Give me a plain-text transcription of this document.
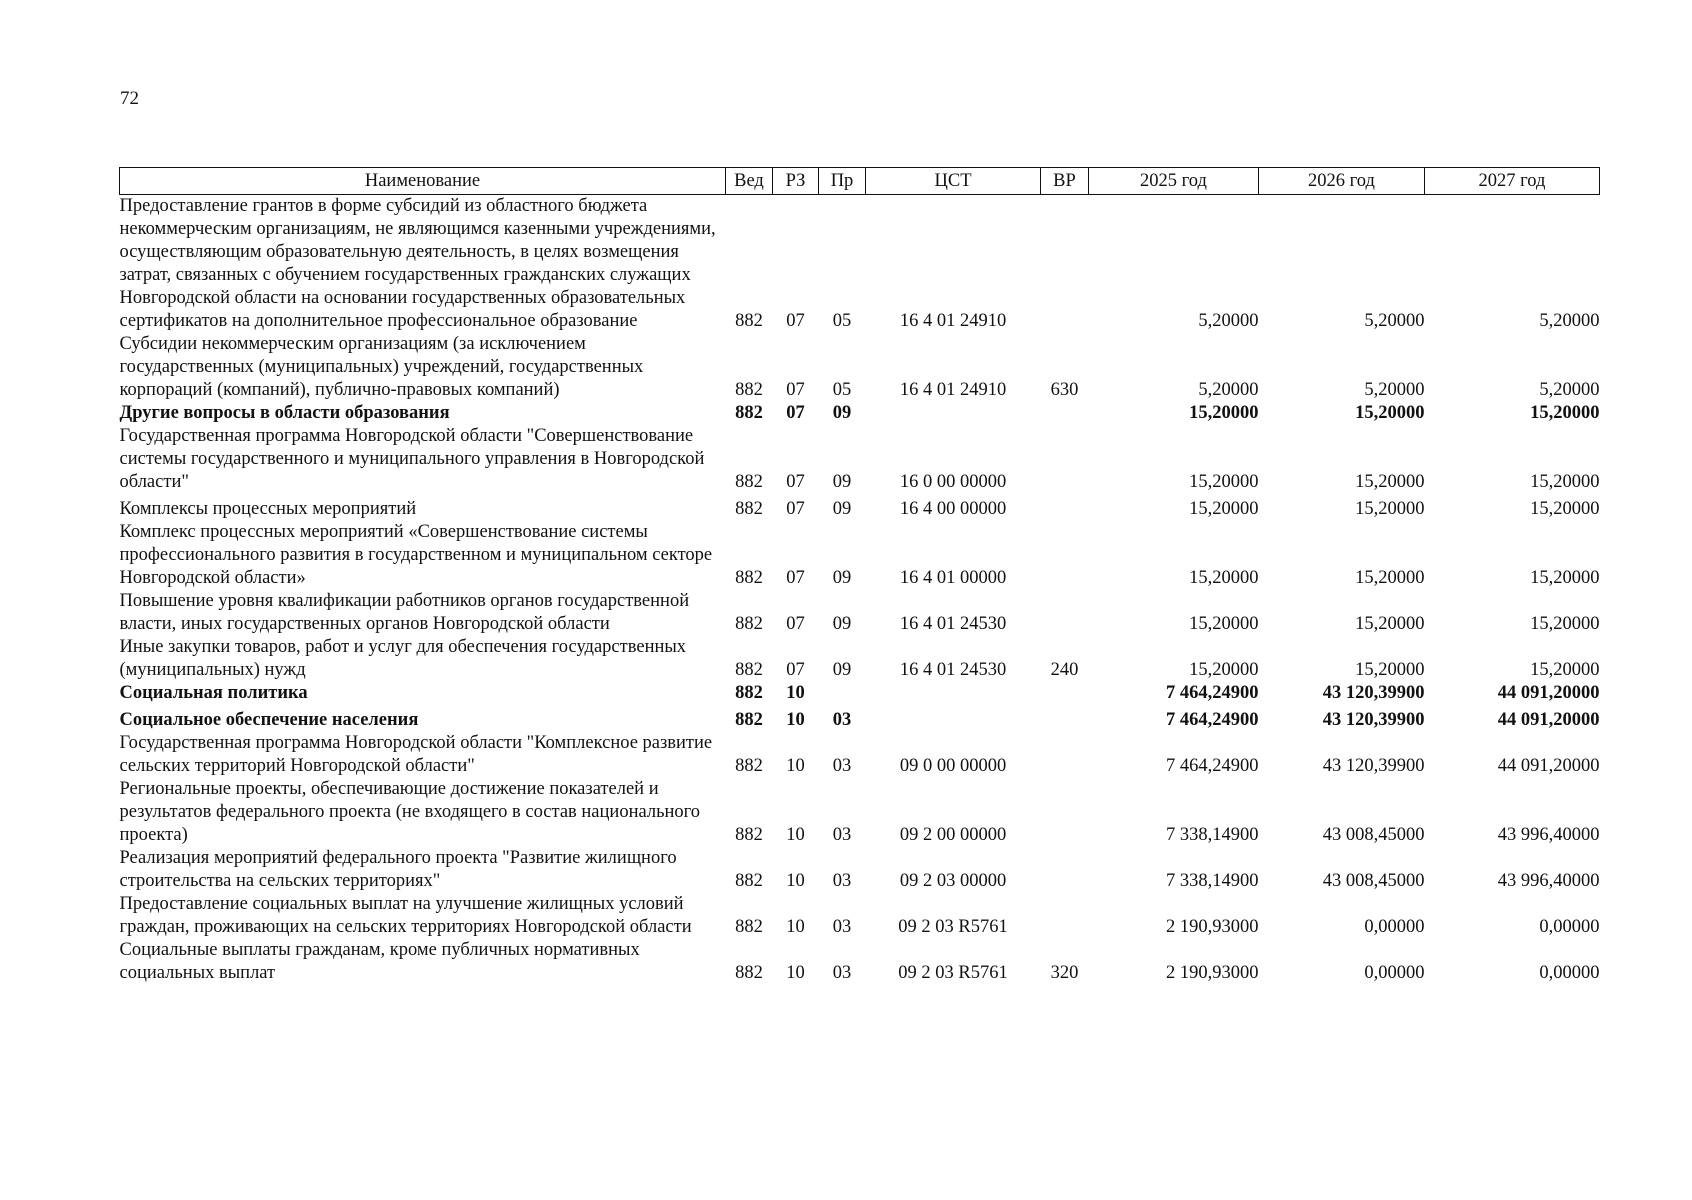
72
Наименование	Вед	РЗ	Пр	ЦСТ	ВР	2025 год	2026 год	2027 год
Предоставление грантов в форме субсидий из областного бюджета некоммерческим организациям, не являющимся казенными учреждениями, осуществляющим образовательную деятельность, в целях возмещения затрат, связанных с обучением государственных гражданских служащих Новгородской области на основании государственных образовательных сертификатов на дополнительное профессиональное образование	882	07	05	16 4 01 24910		5,20000	5,20000	5,20000
Субсидии некоммерческим организациям (за исключением государственных (муниципальных) учреждений, государственных корпораций (компаний), публично-правовых компаний)	882	07	05	16 4 01 24910	630	5,20000	5,20000	5,20000
Другие вопросы в области образования	882	07	09			15,20000	15,20000	15,20000
Государственная программа Новгородской области "Совершенствование системы государственного и муниципального управления в Новгородской области"	882	07	09	16 0 00 00000		15,20000	15,20000	15,20000
Комплексы процессных мероприятий	882	07	09	16 4 00 00000		15,20000	15,20000	15,20000
Комплекс процессных мероприятий «Совершенствование системы профессионального развития в государственном и муниципальном секторе Новгородской области»	882	07	09	16 4 01 00000		15,20000	15,20000	15,20000
Повышение уровня квалификации работников органов государственной власти, иных государственных органов Новгородской области	882	07	09	16 4 01 24530		15,20000	15,20000	15,20000
Иные закупки товаров, работ и услуг для обеспечения государственных (муниципальных) нужд	882	07	09	16 4 01 24530	240	15,20000	15,20000	15,20000
Социальная политика	882	10				7 464,24900	43 120,39900	44 091,20000
Социальное обеспечение населения	882	10	03			7 464,24900	43 120,39900	44 091,20000
Государственная программа Новгородской области "Комплексное развитие сельских территорий Новгородской области"	882	10	03	09 0 00 00000		7 464,24900	43 120,39900	44 091,20000
Региональные проекты, обеспечивающие достижение показателей и результатов федерального проекта (не входящего в состав национального проекта)	882	10	03	09 2 00 00000		7 338,14900	43 008,45000	43 996,40000
Реализация мероприятий федерального проекта "Развитие жилищного строительства на сельских территориях"	882	10	03	09 2 03 00000		7 338,14900	43 008,45000	43 996,40000
Предоставление социальных выплат на улучшение жилищных условий граждан, проживающих на сельских территориях Новгородской области	882	10	03	09 2 03 R5761		2 190,93000	0,00000	0,00000
Социальные выплаты гражданам, кроме публичных нормативных социальных выплат	882	10	03	09 2 03 R5761	320	2 190,93000	0,00000	0,00000
